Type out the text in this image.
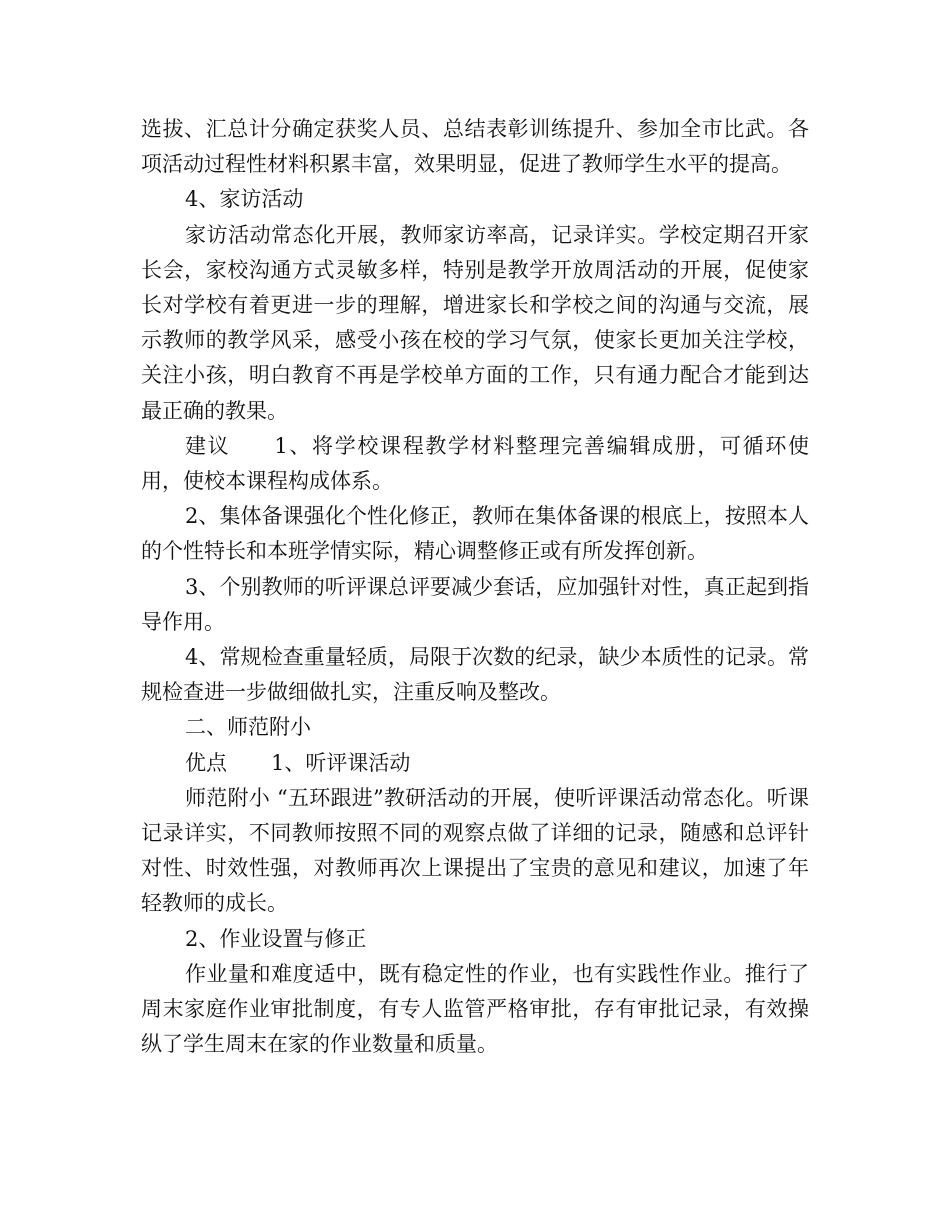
选拔、汇总计分确定获奖人员、总结表彰训练提升、参加全市比武。各项活动过程性材料积累丰富，效果明显，促进了教师学生水平的提高。

4、家访活动

家访活动常态化开展，教师家访率高，记录详实。学校定期召开家长会，家校沟通方式灵敏多样，特别是教学开放周活动的开展，促使家长对学校有着更进一步的理解，增进家长和学校之间的沟通与交流，展示教师的教学风采，感受小孩在校的学习气氛，使家长更加关注学校，关注小孩，明白教育不再是学校单方面的工作，只有通力配合才能到达最正确的教果。

建议 1、将学校课程教学材料整理完善编辑成册，可循环使用，使校本课程构成体系。

2、集体备课强化个性化修正，教师在集体备课的根底上，按照本人的个性特长和本班学情实际，精心调整修正或有所发挥创新。

3、个别教师的听评课总评要减少套话，应加强针对性，真正起到指导作用。

4、常规检查重量轻质，局限于次数的纪录，缺少本质性的记录。常规检查进一步做细做扎实，注重反响及整改。

二、师范附小

优点 1、听评课活动

师范附小 “五环跟进”教研活动的开展，使听评课活动常态化。听课记录详实，不同教师按照不同的观察点做了详细的记录，随感和总评针对性、时效性强，对教师再次上课提出了宝贵的意见和建议，加速了年轻教师的成长。

2、作业设置与修正

作业量和难度适中，既有稳定性的作业，也有实践性作业。推行了周末家庭作业审批制度，有专人监管严格审批，存有审批记录，有效操纵了学生周末在家的作业数量和质量。
